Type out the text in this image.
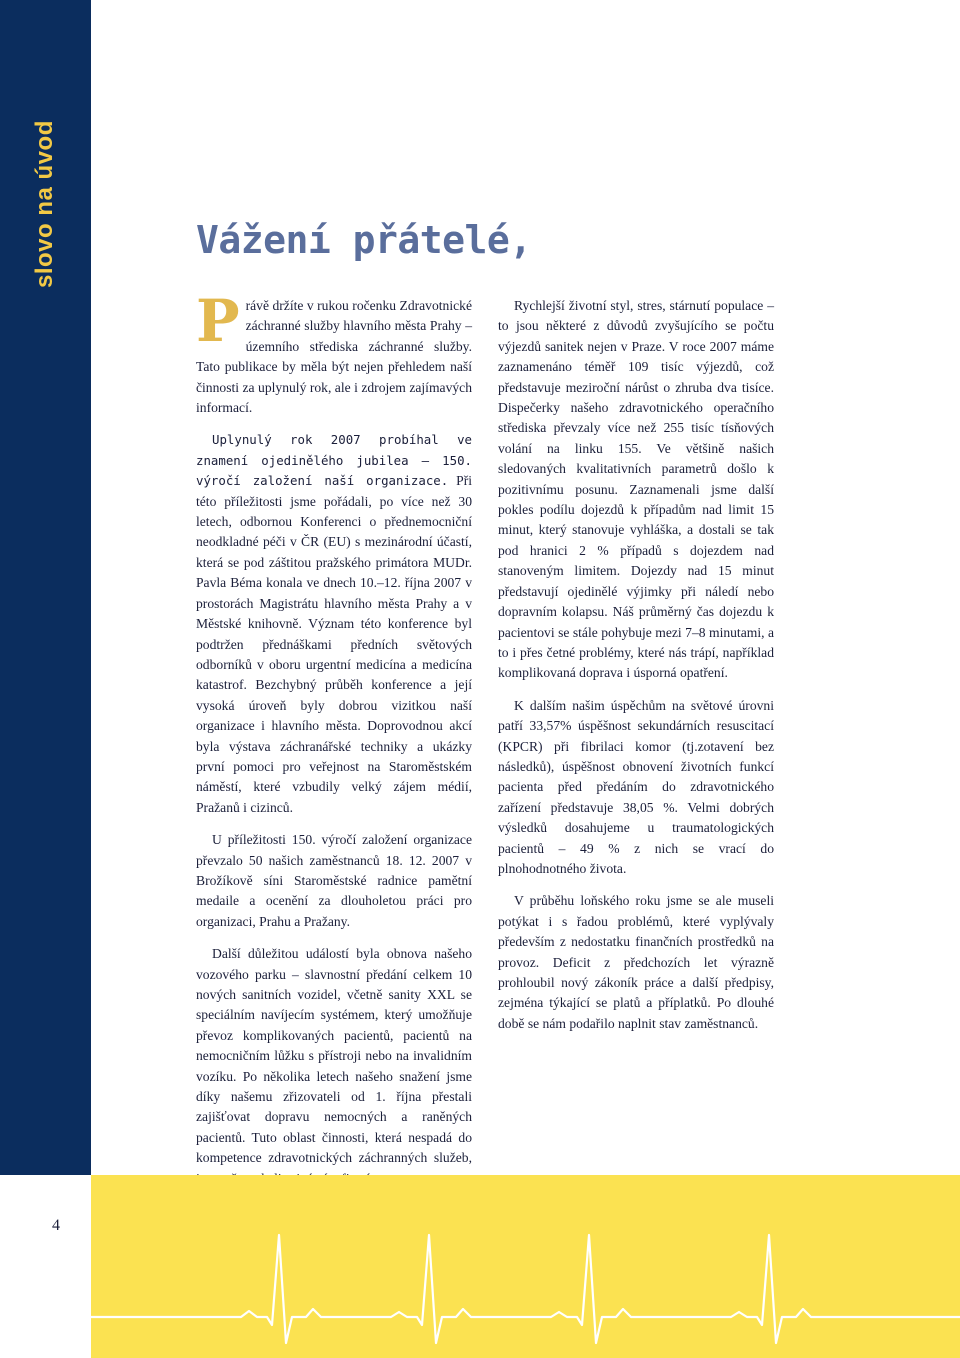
slovo na úvod	Vážení přátelé,

Právě držíte v rukou ročenku Zdravotnické záchranné služby hlavního města Prahy – územního střediska záchranné služby. Tato publikace by měla být nejen přehledem naší činnosti za uplynulý rok, ale i zdrojem zajímavých informací.

Uplynulý rok 2007 probíhal ve znamení ojedinělého jubilea – 150. výročí založení naší organizace. Při této příležitosti jsme pořádali, po více než 30 letech, odbornou Konferenci o přednemocniční neodkladné péči v ČR (EU) s mezinárodní účastí, která se pod záštitou pražského primátora MUDr. Pavla Béma konala ve dnech 10.–12. října 2007 v prostorách Magistrátu hlavního města Prahy a v Městské knihovně. Význam této konference byl podtržen přednáškami předních světových odborníků v oboru urgentní medicína a medicína katastrof. Bezchybný průběh konference a její vysoká úroveň byly dobrou vizitkou naší organizace i hlavního města. Doprovodnou akcí byla výstava záchranářské techniky a ukázky první pomoci pro veřejnost na Staroměstském náměstí, které vzbudily velký zájem médií, Pražanů i cizinců.

U příležitosti 150. výročí založení organizace převzalo 50 našich zaměstnanců 18. 12. 2007 v Brožíkově síni Staroměstské radnice pamětní medaile a ocenění za dlouholetou práci pro organizaci, Prahu a Pražany.

Další důležitou událostí byla obnova našeho vozového parku – slavnostní předání celkem 10 nových sanitních vozidel, včetně sanity XXL se speciálním navíjecím systémem, který umožňuje převoz komplikovaných pacientů, pacientů na nemocničním lůžku s přístroji nebo na invalidním vozíku. Po několika letech našeho snažení jsme díky našemu zřizovateli od 1. října přestali zajišťovat dopravu nemocných a raněných pacientů. Tuto oblast činnosti, která nespadá do kompetence zdravotnických záchranných služeb,

Rychlejší životní styl, stres, stárnutí populace – to jsou některé z důvodů zvyšujícího se počtu výjezdů sanitek nejen v Praze. V roce 2007 máme zaznamenáno téměř 109 tisíc výjezdů, což představuje meziroční nárůst o zhruba dva tisíce. Dispečerky našeho zdravotnického operačního střediska převzaly více než 255 tisíc tísňových volání na linku 155. Ve většině našich sledovaných kvalitativních parametrů došlo k pozitivnímu posunu. Zaznamenali jsme další pokles podílu dojezdů k případům nad limit 15 minut, který stanovuje vyhláška, a dostali se tak pod hranici 2 % případů s dojezdem nad stanoveným limitem. Dojezdy nad 15 minut představují ojedinělé výjimky při náledí nebo dopravním kolapsu. Náš průměrný čas dojezdu k pacientovi se stále pohybuje mezi 7–8 minutami, a to i přes četné problémy, které nás trápí, například komplikovaná doprava i úsporná opatření.

K dalším našim úspěchům na světové úrovni patří 33,57% úspěšnost sekundárních resuscitací (KPCR) při fibrilaci komor (tj.zotavení bez následků), úspěšnost obnovení životních funkcí pacienta před předáním do zdravotnického zařízení představuje 38,05 %. Velmi dobrých výsledků dosahujeme u traumatologických pacientů – 49 % z nich se vrací do plnohodnotného života.

V průběhu loňského roku jsme se ale museli potýkat i s řadou problémů, které vyplývaly především z nedostatku finančních prostředků na provoz. Deficit z předchozích let výrazně prohloubil nový zákoník práce a další předpisy, zejména týkající se platů a příplatků. Po dlouhé době se nám podařilo naplnit stav zaměstnanců.

4
